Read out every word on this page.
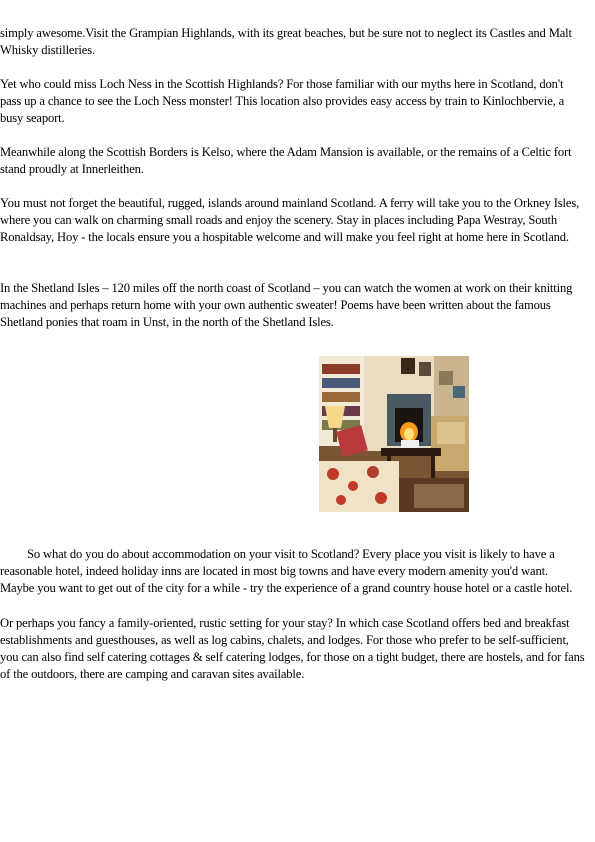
simply awesome.Visit the Grampian Highlands, with its great beaches, but be sure not to neglect its Castles and Malt Whisky distilleries.

Yet who could miss Loch Ness in the Scottish Highlands? For those familiar with our myths here in Scotland, don't pass up a chance to see the Loch Ness monster! This location also provides easy access by train to Kinlochbervie, a busy seaport.

Meanwhile along the Scottish Borders is Kelso, where the Adam Mansion is available, or the remains of a Celtic fort stand proudly at Innerleithen.

You must not forget the beautiful, rugged, islands around mainland Scotland. A ferry will take you to the Orkney Isles, where you can walk on charming small roads and enjoy the scenery. Stay in places including Papa Westray, South Ronaldsay, Hoy - the locals ensure you a hospitable welcome and will make you feel right at home here in Scotland.

In the Shetland Isles – 120 miles off the north coast of Scotland – you can watch the women at work on their knitting machines and perhaps return home with your own authentic sweater! Poems have been written about the famous Shetland ponies that roam in Unst, in the north of the Shetland Isles.

So what do you do about accommodation on your visit to Scotland? Every place you visit is likely to have a reasonable hotel, indeed holiday inns are located in most big towns and have every modern amenity you'd want. Maybe you want to get out of the city for a while - try the experience of a grand country house hotel or a castle hotel.

Or perhaps you fancy a family-oriented, rustic setting for your stay? In which case Scotland offers bed and breakfast establishments and guesthouses, as well as log cabins, chalets, and lodges. For those who prefer to be self-sufficient, you can also find self catering cottages & self catering lodges, for those on a tight budget, there are hostels, and for fans of the outdoors, there are camping and caravan sites available.
